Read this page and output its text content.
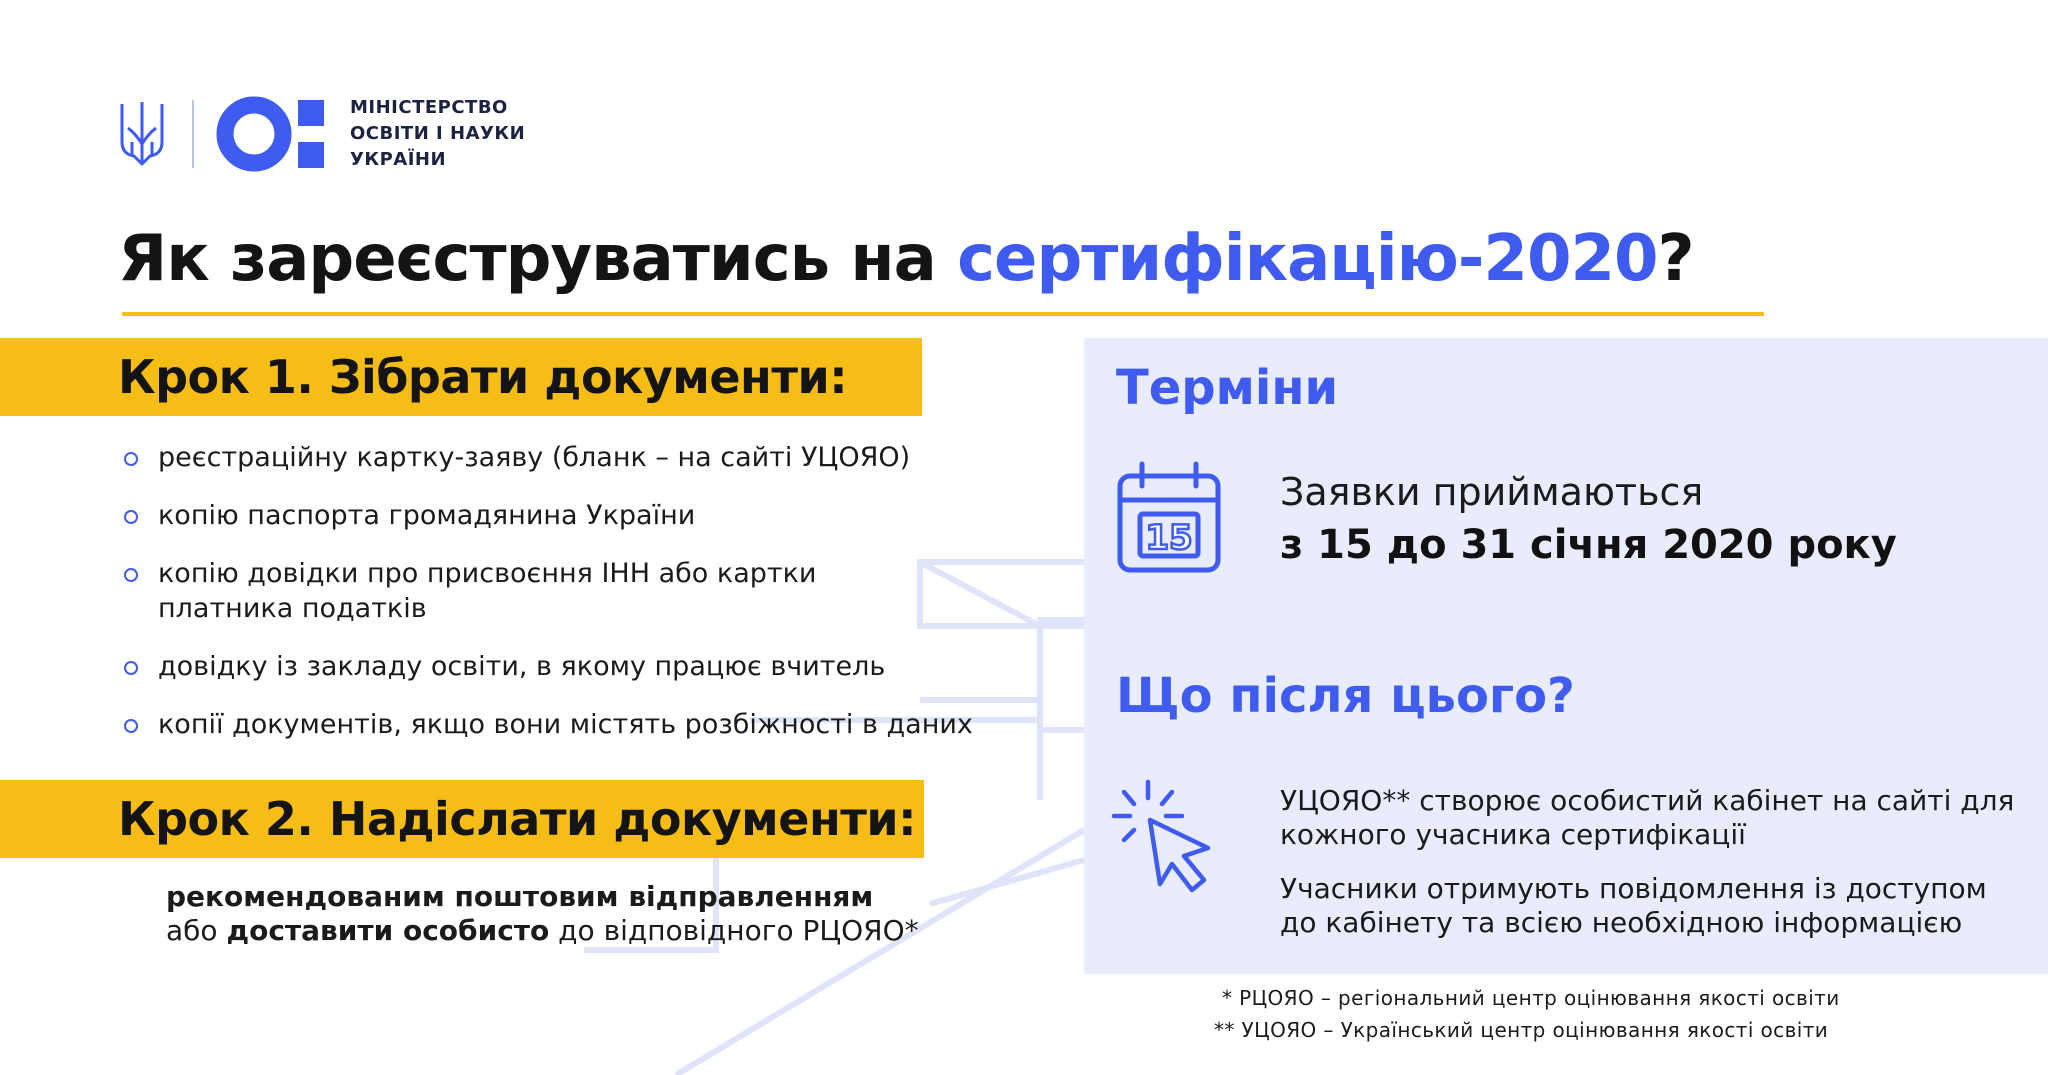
МІНІСТЕРСТВО
ОСВІТИ І НАУКИ
УКРАЇНИ
Як зареєструватись на сертифікацію-2020?
Крок 1. Зібрати документи:
реєстраційну картку-заяву (бланк – на сайті УЦОЯО)
копію паспорта громадянина України
копію довідки про присвоєння ІНН або картки платника податків
довідку із закладу освіти, в якому працює вчитель
копії документів, якщо вони містять розбіжності в даних
Крок 2. Надіслати документи:
рекомендованим поштовим відправленням
або доставити особисто до відповідного РЦОЯО*
Терміни
15
Заявки приймаються
з 15 до 31 січня 2020 року
Що після цього?

УЦОЯО** створює особистий кабінет на сайті для кожного учасника сертифікації

Учасники отримують повідомлення із доступом до кабінету та всією необхідною інформацією

* РЦОЯО – регіональний центр оцінювання якості освіти
** УЦОЯО – Український центр оцінювання якості освіти
